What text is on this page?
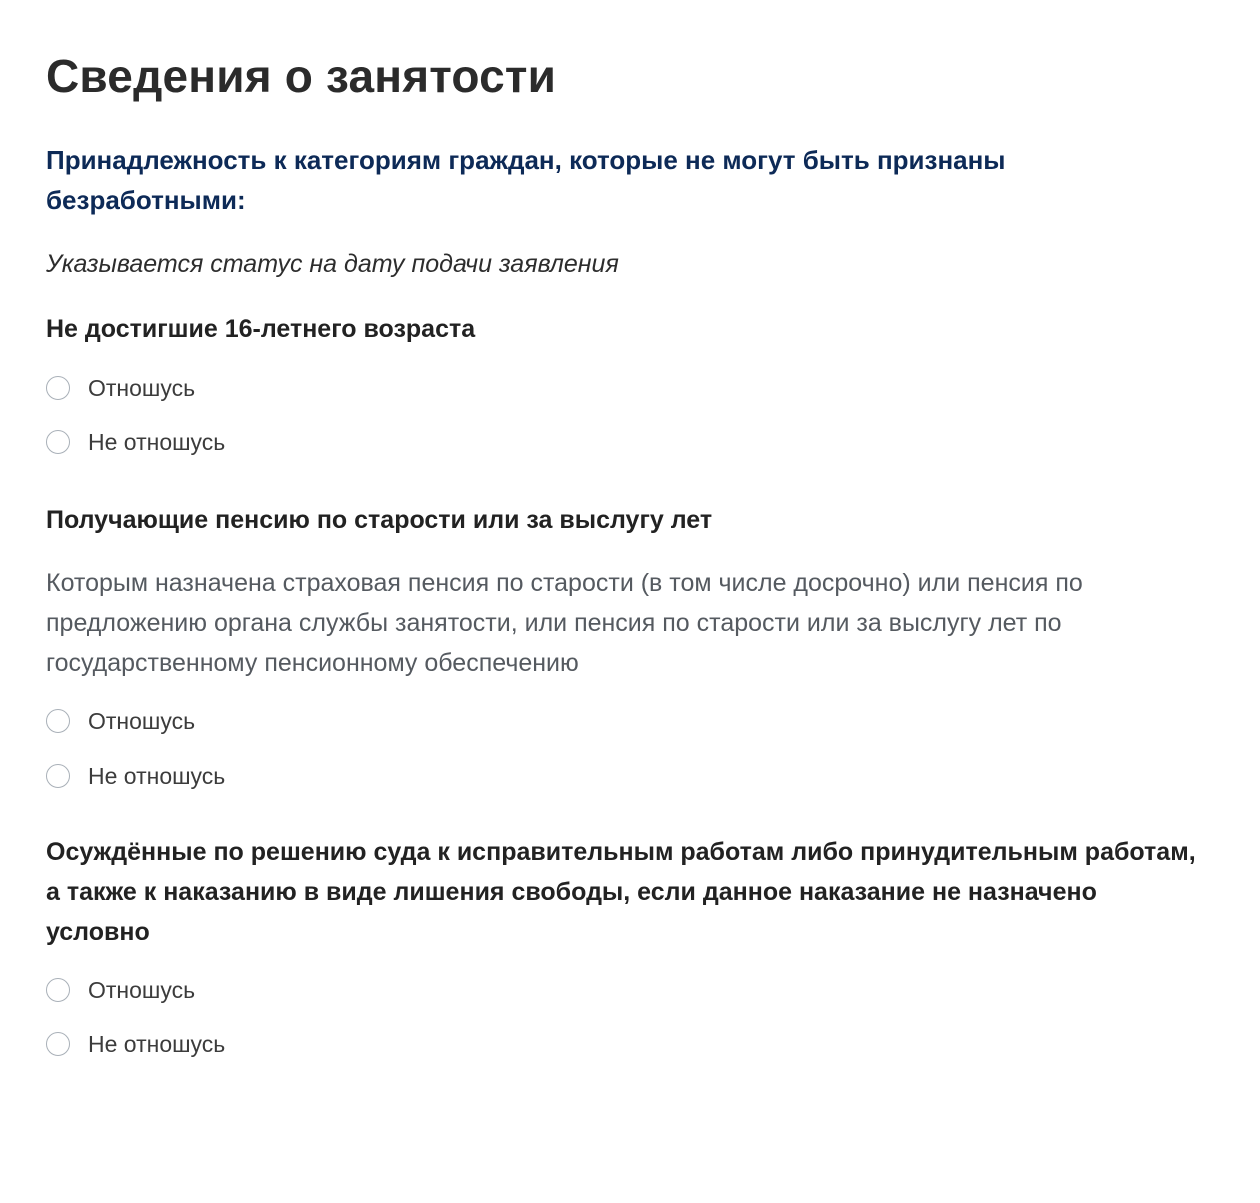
Сведения о занятости
Принадлежность к категориям граждан, которые не могут быть признаны безработными:

Указывается статус на дату подачи заявления

Не достигшие 16-летнего возраста
Отношусь
Не отношусь
Получающие пенсию по старости или за выслугу лет

Которым назначена страховая пенсия по старости (в том числе досрочно) или пенсия по предложению органа службы занятости, или пенсия по старости или за выслугу лет по государственному пенсионному обеспечению

Отношусь
Не отношусь
Осуждённые по решению суда к исправительным работам либо принудительным работам, а также к наказанию в виде лишения свободы, если данное наказание не назначено условно
Отношусь
Не отношусь
